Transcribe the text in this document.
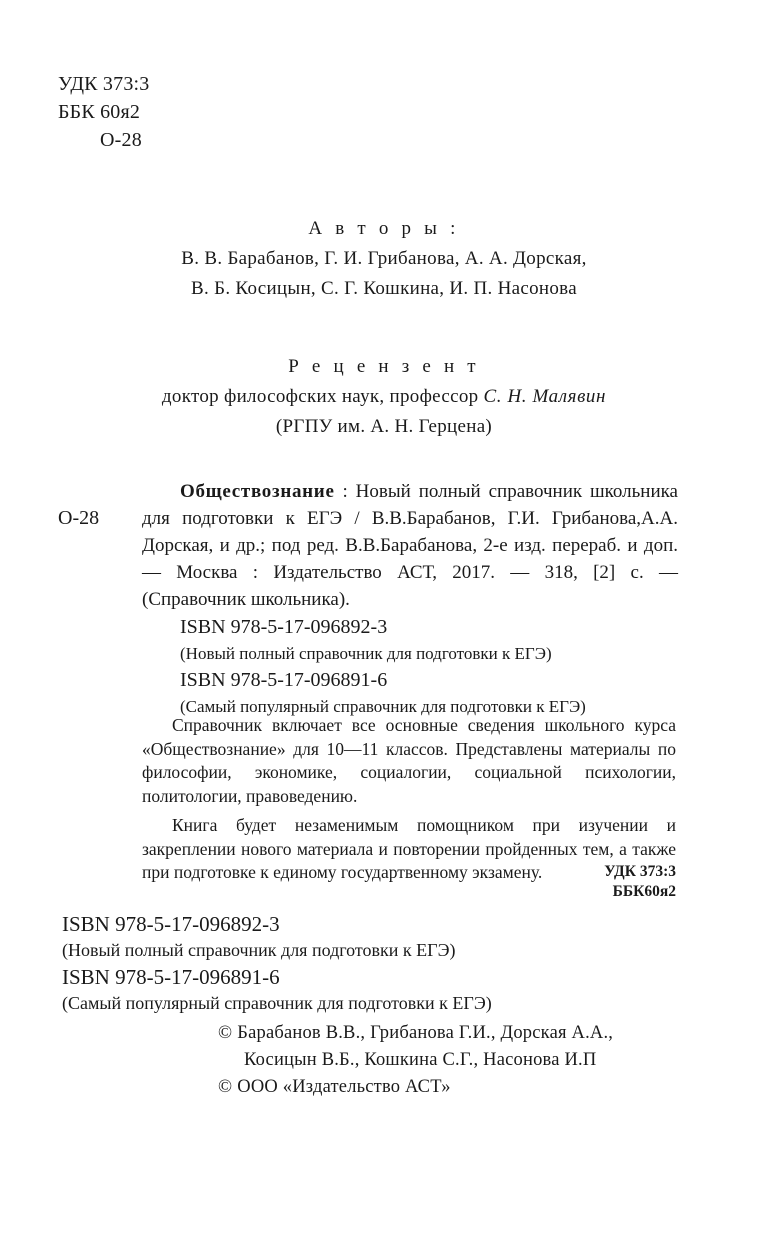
УДК 373:3
ББК 60я2
О-28
А в т о р ы :
В. В. Барабанов, Г. И. Грибанова, А. А. Дорская,
В. Б. Косицын, С. Г. Кошкина, И. П. Насонова
Р е ц е н з е н т
доктор философских наук, профессор С. Н. Малявин
(РГПУ им. А. Н. Герцена)
О-28
Обществознание : Новый полный справочник школьника для подготовки к ЕГЭ / В.В.Барабанов, Г.И. Грибанова,А.А. Дорская, и др.; под ред. В.В.Барабанова, 2-е изд. перераб. и доп. — Москва : Издательство АСТ, 2017. — 318, [2] с. — (Справочник школьника).
ISBN 978-5-17-096892-3
(Новый полный справочник для подготовки к ЕГЭ)
ISBN 978-5-17-096891-6
(Самый популярный справочник для подготовки к ЕГЭ)

Справочник включает все основные сведения школьного курса «Обществознание» для 10—11 классов. Представлены материалы по философии, экономике, социалогии, социальной психологии, политологии, правоведению.

Книга будет незаменимым помощником при изучении и закреплении нового материала и повторении пройденных тем, а также при подготовке к единому государтвенному экзамену.	УДК 373:3
ББК60я2
ISBN 978-5-17-096892-3
(Новый полный справочник для подготовки к ЕГЭ)
ISBN 978-5-17-096891-6
(Самый популярный справочник для подготовки к ЕГЭ)
© Барабанов В.В., Грибанова Г.И., Дорская А.А.,
Косицын В.Б., Кошкина С.Г., Насонова И.П
© ООО «Издательство АСТ»
